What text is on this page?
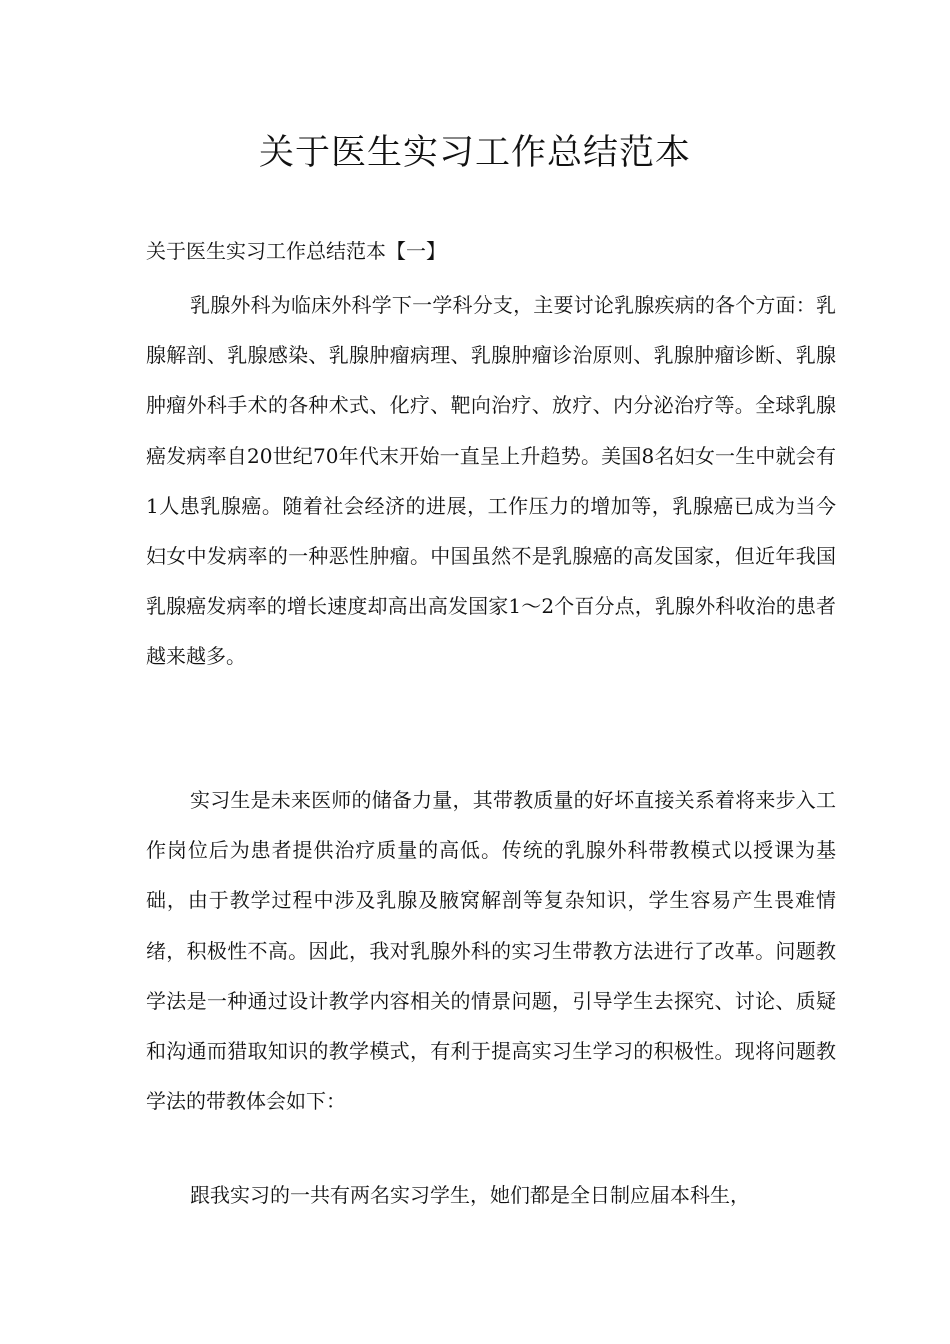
关于医生实习工作总结范本

关于医生实习工作总结范本【一】

乳腺外科为临床外科学下一学科分支，主要讨论乳腺疾病的各个方面：乳腺解剖、乳腺感染、乳腺肿瘤病理、乳腺肿瘤诊治原则、乳腺肿瘤诊断、乳腺肿瘤外科手术的各种术式、化疗、靶向治疗、放疗、内分泌治疗等。全球乳腺癌发病率自20世纪70年代末开始一直呈上升趋势。美国8名妇女一生中就会有1人患乳腺癌。随着社会经济的进展，工作压力的增加等，乳腺癌已成为当今妇女中发病率的一种恶性肿瘤。中国虽然不是乳腺癌的高发国家，但近年我国乳腺癌发病率的增长速度却高出高发国家1～2个百分点，乳腺外科收治的患者越来越多。

实习生是未来医师的储备力量，其带教质量的好坏直接关系着将来步入工作岗位后为患者提供治疗质量的高低。传统的乳腺外科带教模式以授课为基础，由于教学过程中涉及乳腺及腋窝解剖等复杂知识，学生容易产生畏难情绪，积极性不高。因此，我对乳腺外科的实习生带教方法进行了改革。问题教学法是一种通过设计教学内容相关的情景问题，引导学生去探究、讨论、质疑和沟通而猎取知识的教学模式，有利于提高实习生学习的积极性。现将问题教学法的带教体会如下：

跟我实习的一共有两名实习学生，她们都是全日制应届本科生，
